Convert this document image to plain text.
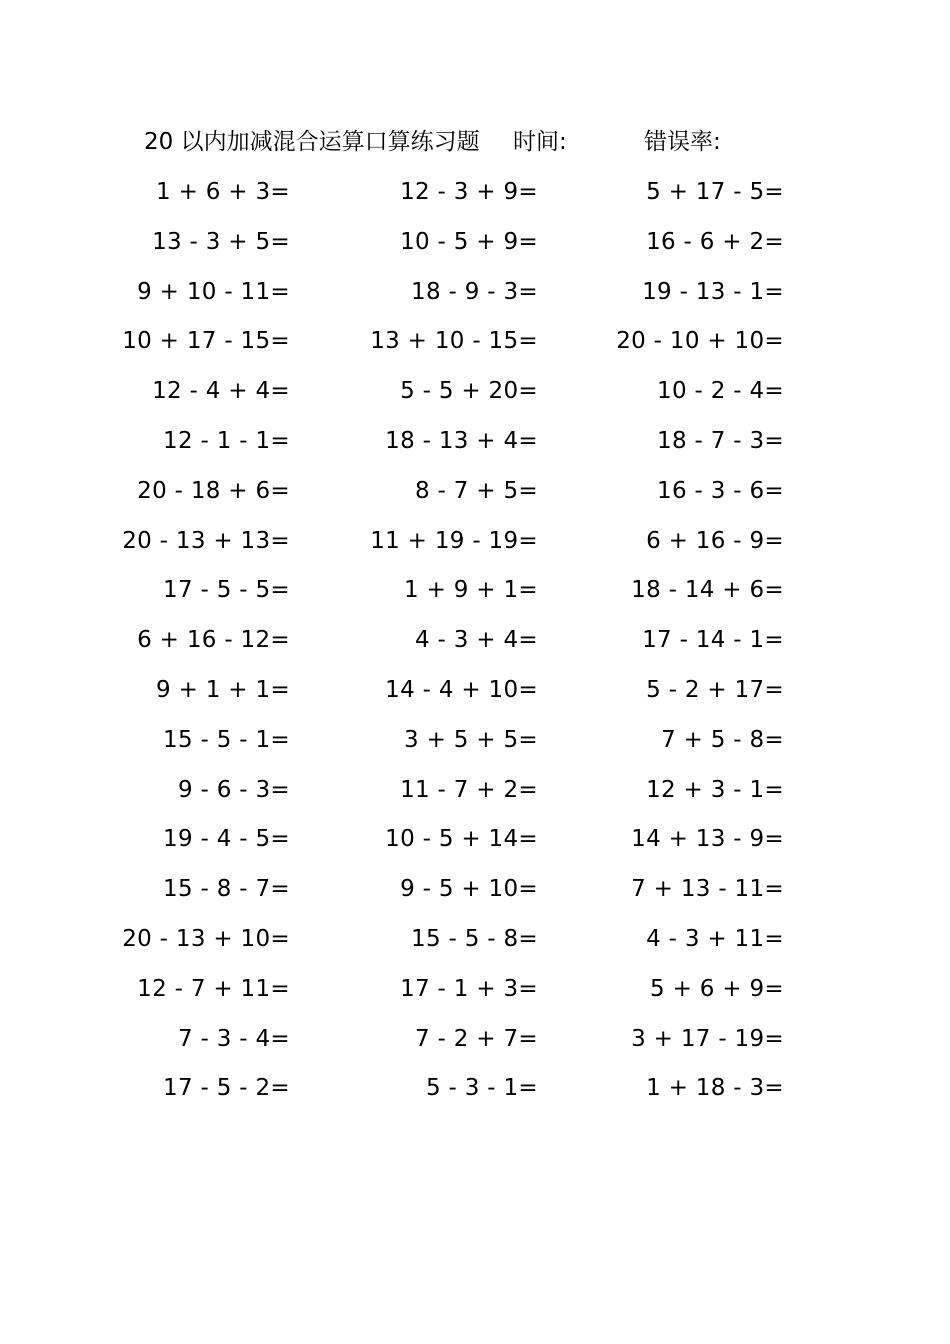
20 以内加减混合运算口算练习题 时间:	错误率:
1 + 6 + 3=	12 - 3 + 9=	5 + 17 - 5=
13 - 3 + 5=	10 - 5 + 9=	16 - 6 + 2=
9 + 10 - 11=	18 - 9 - 3=	19 - 13 - 1=
10 + 17 - 15=	13 + 10 - 15=	20 - 10 + 10=
12 - 4 + 4=	5 - 5 + 20=	10 - 2 - 4=
12 - 1 - 1=	18 - 13 + 4=	18 - 7 - 3=
20 - 18 + 6=	8 - 7 + 5=	16 - 3 - 6=
20 - 13 + 13=	11 + 19 - 19=	6 + 16 - 9=
17 - 5 - 5=	1 + 9 + 1=	18 - 14 + 6=
6 + 16 - 12=	4 - 3 + 4=	17 - 14 - 1=
9 + 1 + 1=	14 - 4 + 10=	5 - 2 + 17=
15 - 5 - 1=	3 + 5 + 5=	7 + 5 - 8=
9 - 6 - 3=	11 - 7 + 2=	12 + 3 - 1=
19 - 4 - 5=	10 - 5 + 14=	14 + 13 - 9=
15 - 8 - 7=	9 - 5 + 10=	7 + 13 - 11=
20 - 13 + 10=	15 - 5 - 8=	4 - 3 + 11=
12 - 7 + 11=	17 - 1 + 3=	5 + 6 + 9=
7 - 3 - 4=	7 - 2 + 7=	3 + 17 - 19=
17 - 5 - 2=	5 - 3 - 1=	1 + 18 - 3=
